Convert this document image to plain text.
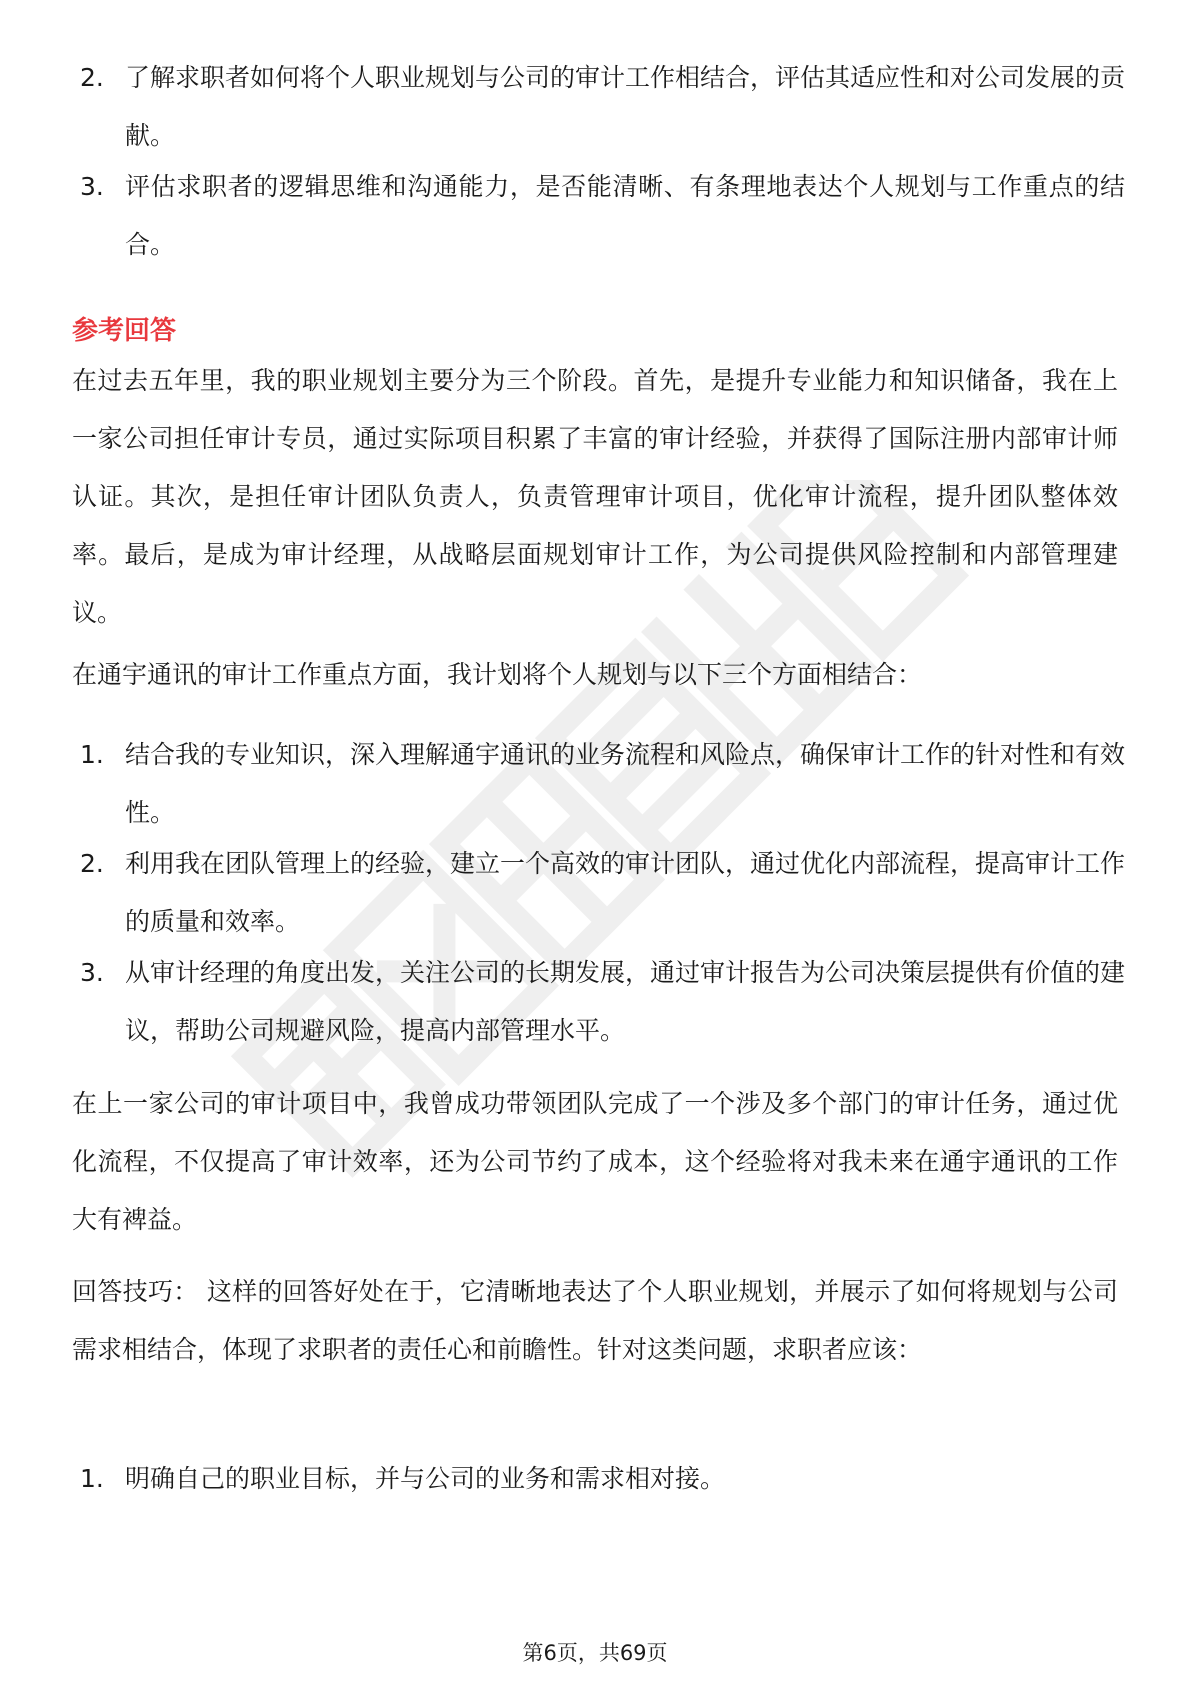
2. 了解求职者如何将个人职业规划与公司的审计工作相结合，评估其适应性和对公司发展的贡献。
3. 评估求职者的逻辑思维和沟通能力，是否能清晰、有条理地表达个人规划与工作重点的结合。
参考回答
在过去五年里，我的职业规划主要分为三个阶段。首先，是提升专业能力和知识储备，我在上一家公司担任审计专员，通过实际项目积累了丰富的审计经验，并获得了国际注册内部审计师认证。其次，是担任审计团队负责人，负责管理审计项目，优化审计流程，提升团队整体效率。最后，是成为审计经理，从战略层面规划审计工作，为公司提供风险控制和内部管理建议。
在通宇通讯的审计工作重点方面，我计划将个人规划与以下三个方面相结合：
1. 结合我的专业知识，深入理解通宇通讯的业务流程和风险点，确保审计工作的针对性和有效性。
2. 利用我在团队管理上的经验，建立一个高效的审计团队，通过优化内部流程，提高审计工作的质量和效率。
3. 从审计经理的角度出发，关注公司的长期发展，通过审计报告为公司决策层提供有价值的建议，帮助公司规避风险，提高内部管理水平。
在上一家公司的审计项目中，我曾成功带领团队完成了一个涉及多个部门的审计任务，通过优化流程，不仅提高了审计效率，还为公司节约了成本，这个经验将对我未来在通宇通讯的工作大有裨益。
回答技巧： 这样的回答好处在于，它清晰地表达了个人职业规划，并展示了如何将规划与公司需求相结合，体现了求职者的责任心和前瞻性。针对这类问题，求职者应该：
1. 明确自己的职业目标，并与公司的业务和需求相对接。
第6页，共69页
